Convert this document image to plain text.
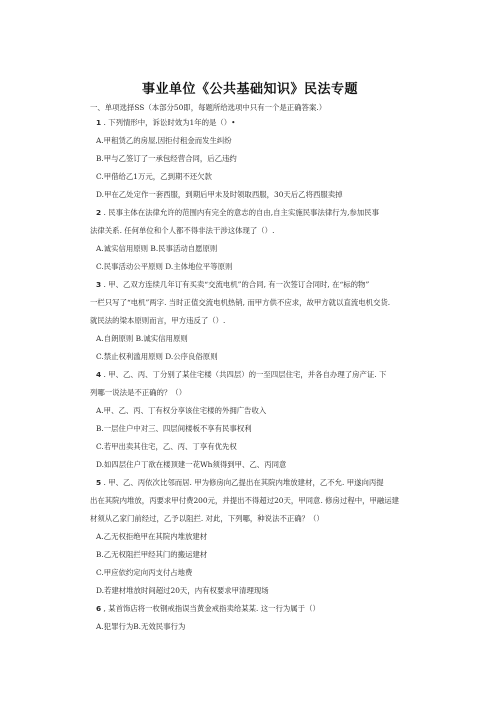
事业单位《公共基础知识》民法专题
一、单项选择SS（本部分50即，每题所给选项中只有一个是正确答案.）
1 . 下列情形中，诉讼时效为1年的是（）•
A.甲租赁乙的房屋,因拒付租金而发生纠纷
B.甲与乙签订了一承包经营合同，后乙违约
C.甲借给乙1万元，乙到期不还欠款
D.甲在乙处定作一套西服，到期后甲未及时领取西服，30天后乙将西服卖掉
2 . 民事主体在法律允许的范围内有完全的意志的自由,自主实施民事法律行为,参加民事
法律关系. 任何单位和个人都不得非法干涉这体现了（）.
A.诚实信用原则 B.民事活动自愿原则
C.民事活动公平原则 D.主体地位平等原则
3 . 甲、乙双方连续几年订有买卖“交流电机”的合同, 有一次签订合同时, 在“标的物”
一栏只写了“电机”两字. 当时正值交流电机热销, 而甲方供不应求，故甲方就以直流电机交货.
就民法的梁本原则而言，甲方违反了（）.
A.自朗原则 B.诚实信用原则
C.禁止权利滥用原则 D.公序良俗原则
4 . 甲、乙、丙、丁分别了某住宅楼（共四层）的一至四层住宅，并各自办理了房产证. 下
列哪一说法是不正确的？（）
A.甲、乙、丙、丁有权分享该住宅楼的外拥广告收入
B.一层住户中对三、四层间楼板不享有民事权利
C.若甲出卖其住宅，乙、丙、丁享有优先权
D.如四层住户丁欲在楼顶建一花Wh须得到甲、乙、丙同意
5 . 甲、乙、丙依次比邻而居. 甲为修房向乙提出在其院内堆放建材，乙不允. 甲遂向丙提
出在其院内堆放，丙要求甲付费200元，并提出不得超过20天，甲同意. 修房过程中，甲融运建
材须从乙家门前经过，乙予以阻拦. 对此，下列哪，种说法不正确？（）
A.乙无权拒绝甲在其院内堆放建材
B.乙无权阻拦甲经其门的搬运建材
C.甲应依约定向丙支付占地费
D.若建材堆放时间超过20天，内有权要求甲清理现场
6 , 某首饰店将一枚钢戒指误当黄金戒指卖给某某. 这一行为属于（）
A.犯罪行为B.无效民事行为
